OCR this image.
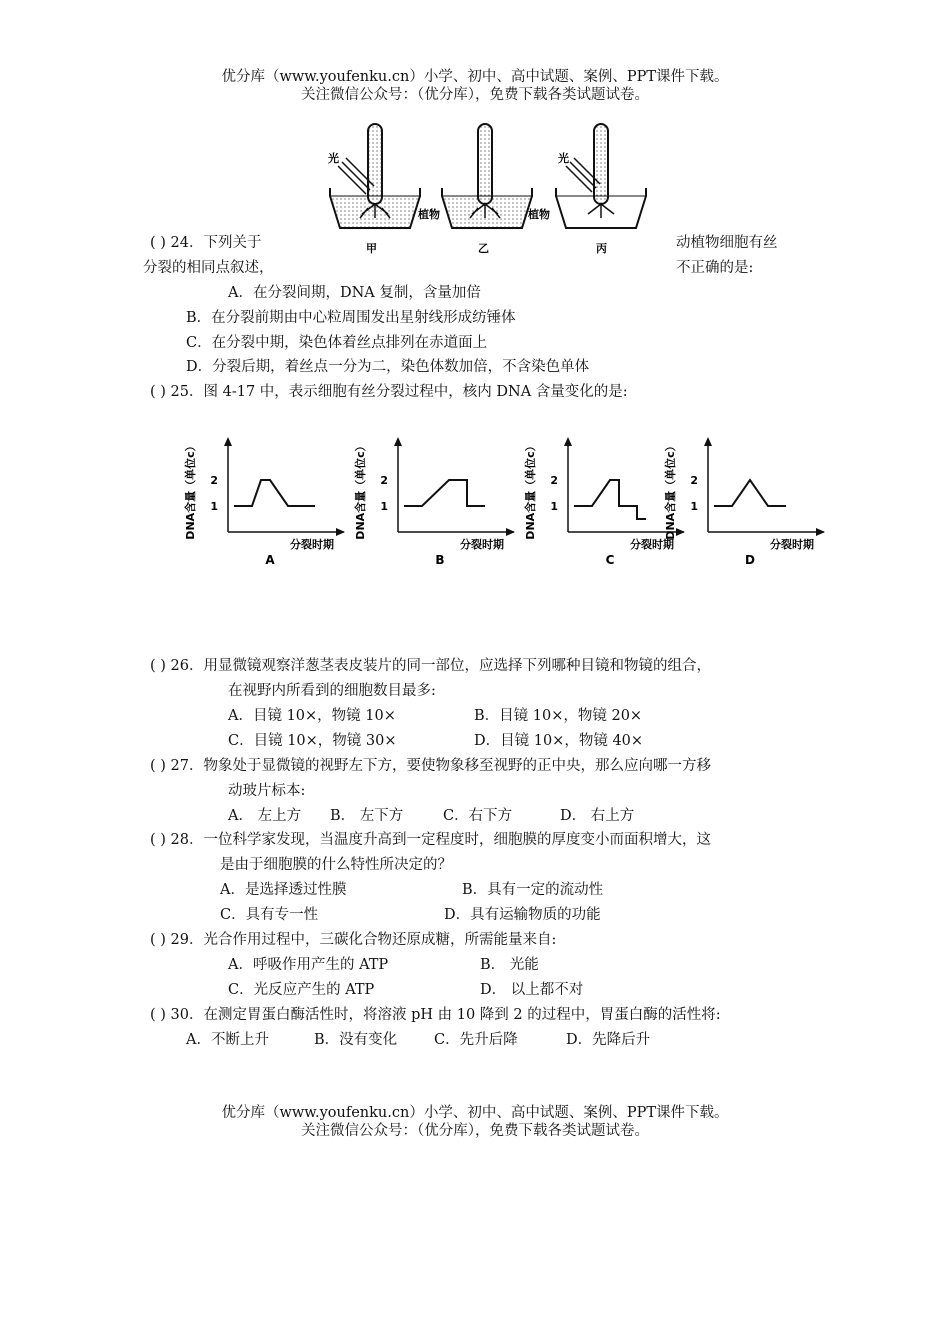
优分库（www.youfenku.cn）小学、初中、高中试题、案例、PPT课件下载。
关注微信公众号：（优分库），免费下载各类试题试卷。
光
植物
甲
植物
乙
光
丙
( ) 24．下列关于	动植物细胞有丝
分裂的相同点叙述，	不正确的是:
A．在分裂间期，DNA 复制，含量加倍
B．在分裂前期由中心粒周围发出星射线形成纺锤体
C．在分裂中期，染色体着丝点排列在赤道面上
D．分裂后期，着丝点一分为二，染色体数加倍，不含染色单体
( ) 25．图 4-17 中，表示细胞有丝分裂过程中，核内 DNA 含量变化的是:
1
2
DNA含量（单位c）
分裂时期
A
1
2
DNA含量（单位c）
分裂时期
B
1
2
DNA含量（单位c）
分裂时期
C
1
2
DNA含量（单位c）
分裂时期
D
( ) 26．用显微镜观察洋葱茎表皮装片的同一部位，应选择下列哪种目镜和物镜的组合，
在视野内所看到的细胞数目最多:
A．目镜 10×，物镜 10×	B．目镜 10×，物镜 20×
C．目镜 10×，物镜 30×	D．目镜 10×，物镜 40×
( ) 27．物象处于显微镜的视野左下方，要使物象移至视野的正中央，那么应向哪一方移
动玻片标本:
A． 左上方 B． 左下方	C．右下方	D． 右上方
( ) 28．一位科学家发现，当温度升高到一定程度时，细胞膜的厚度变小而面积增大，这
是由于细胞膜的什么特性所决定的？
A．是选择透过性膜	B．具有一定的流动性
C．具有专一性	D．具有运输物质的功能
( ) 29．光合作用过程中，三碳化合物还原成糖，所需能量来自:
A．呼吸作用产生的 ATP	B． 光能
C．光反应产生的 ATP	D． 以上都不对
( ) 30．在测定胃蛋白酶活性时，将溶液 pH 由 10 降到 2 的过程中，胃蛋白酶的活性将:
A．不断上升	B．没有变化	C．先升后降	D．先降后升
优分库（www.youfenku.cn）小学、初中、高中试题、案例、PPT课件下载。
关注微信公众号：（优分库），免费下载各类试题试卷。
